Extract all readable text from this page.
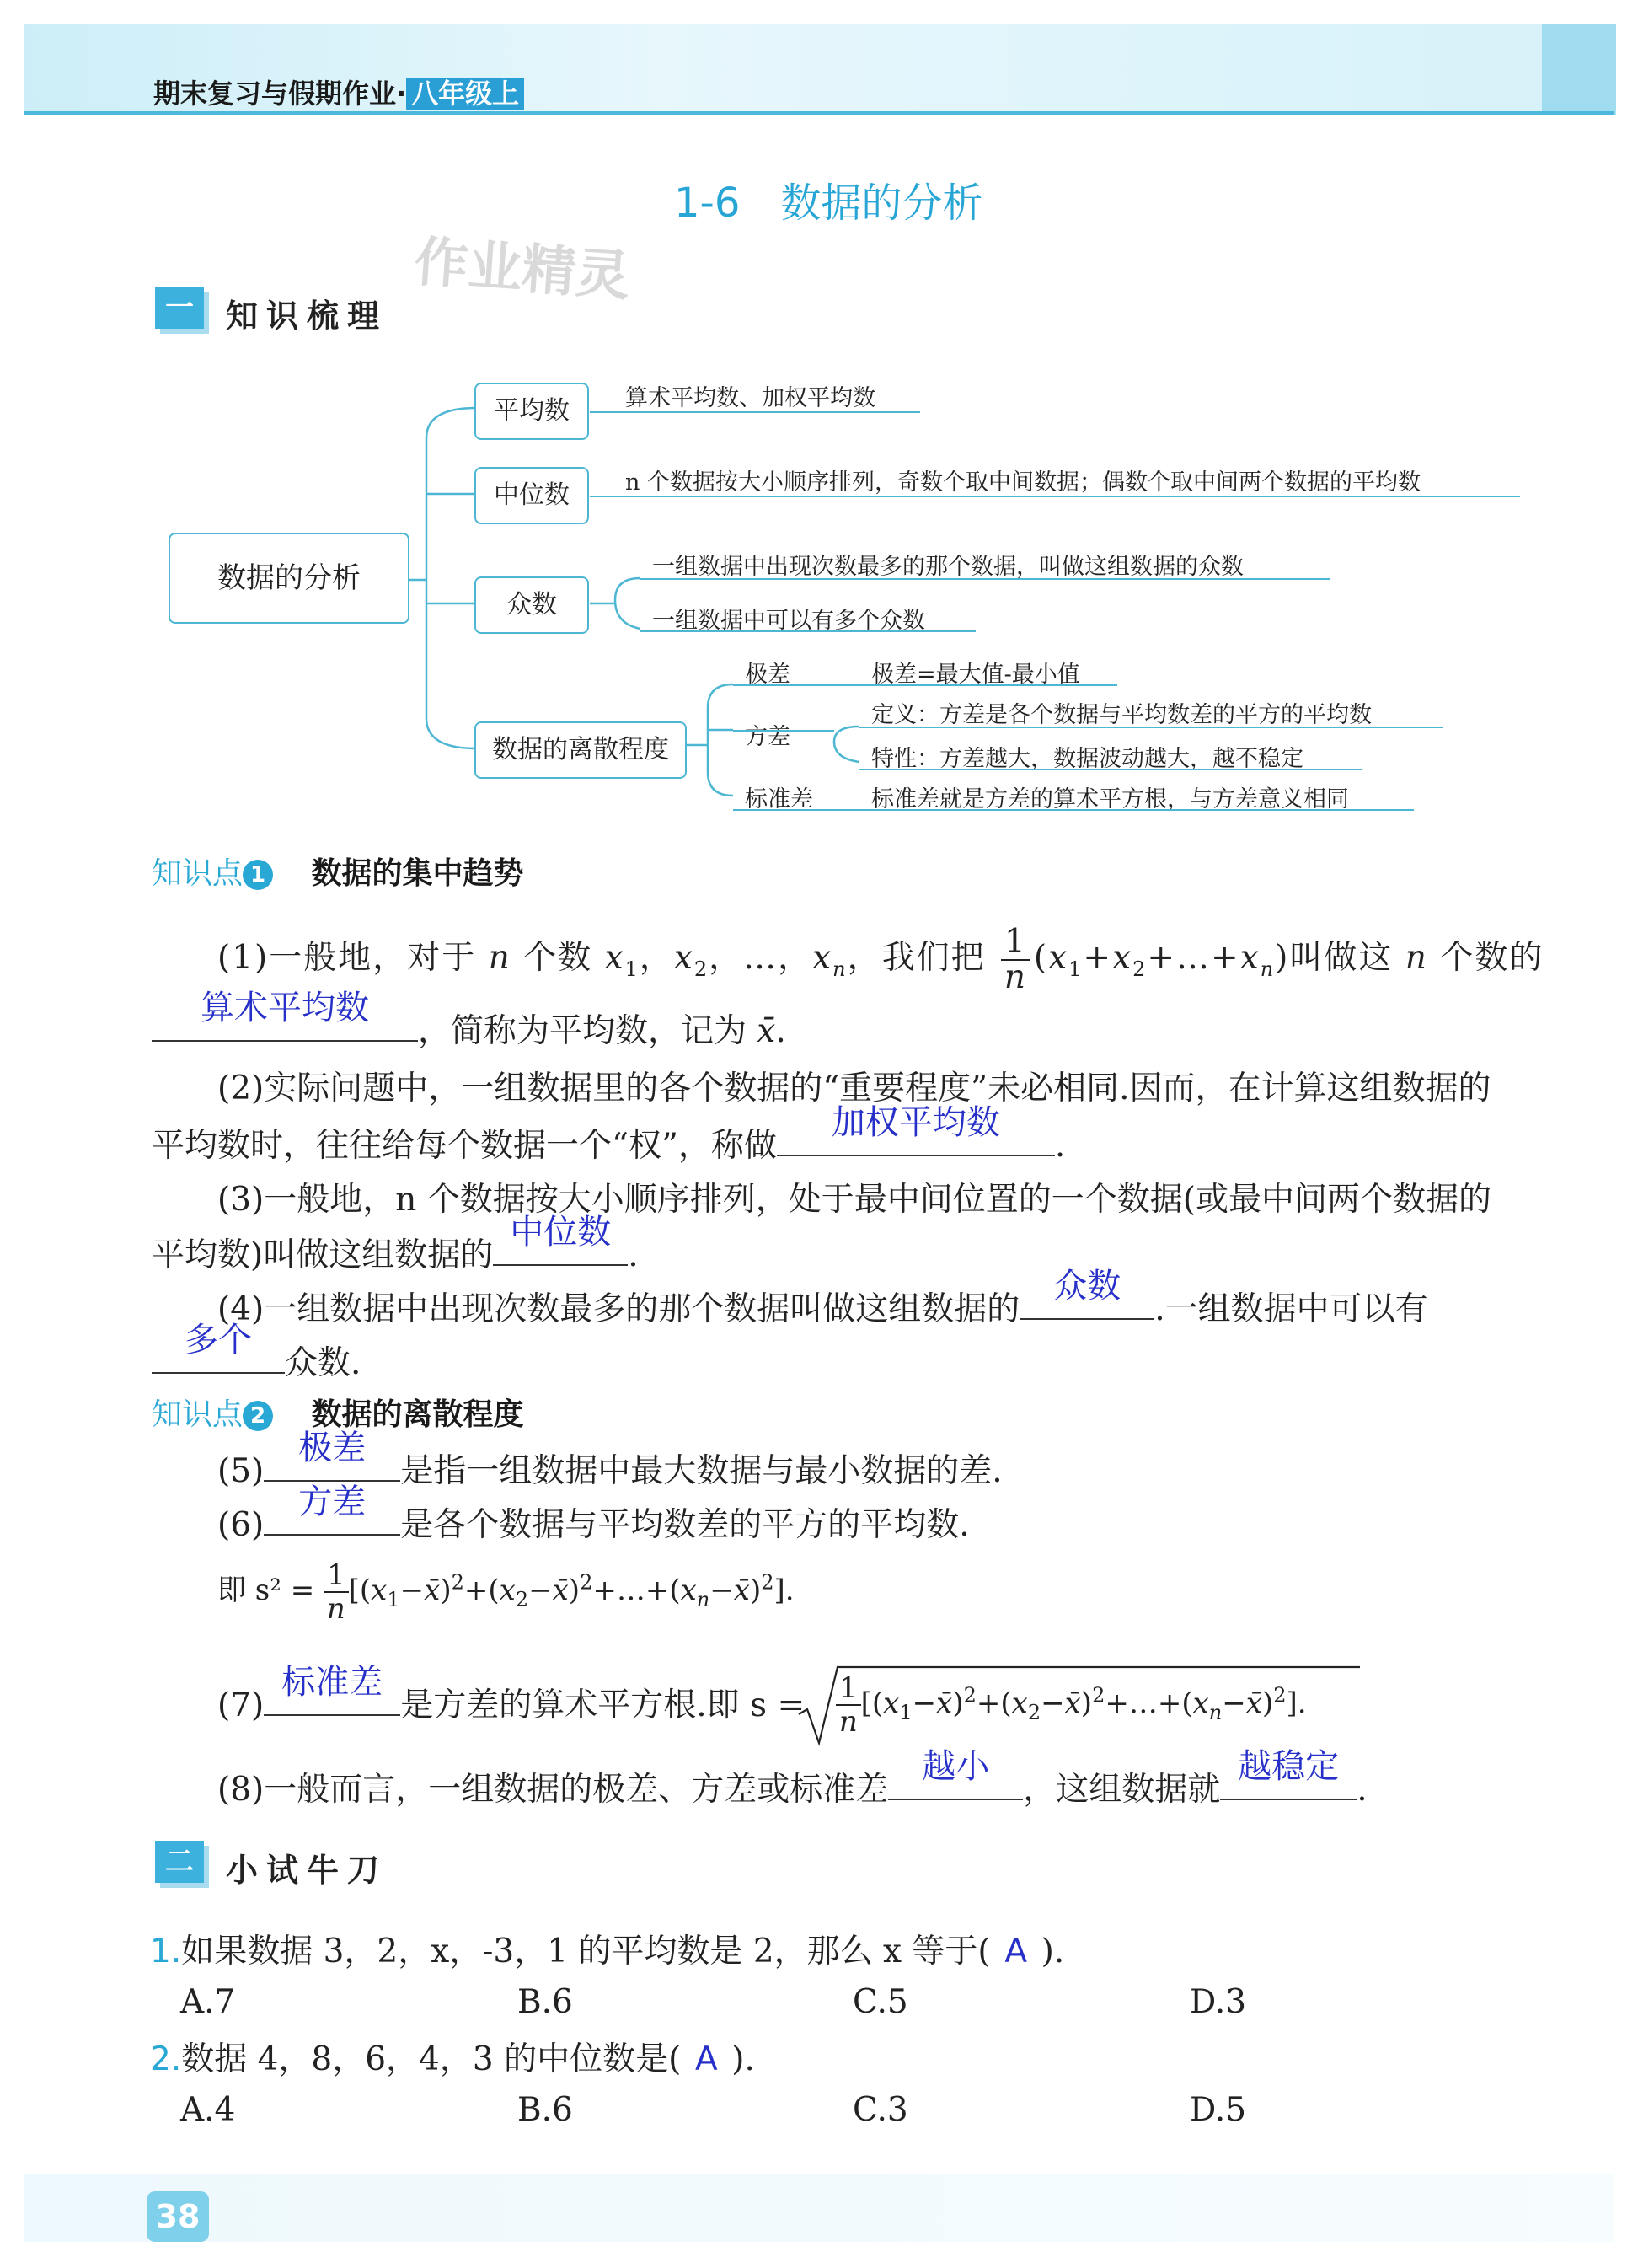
期末复习与假期作业· 八年级上
1-6　数据的分析
作业精灵
一	知识梳理
数据的分析
平均数
中位数
众数
数据的离散程度
算术平均数、加权平均数
n 个数据按大小顺序排列，奇数个取中间数据；偶数个取中间两个数据的平均数
一组数据中出现次数最多的那个数据，叫做这组数据的众数
一组数据中可以有多个众数
极差	极差=最大值-最小值
方差
定义：方差是各个数据与平均数差的平方的平均数
特性：方差越大，数据波动越大，越不稳定
标准差	标准差就是方差的算术平方根，与方差意义相同
知识点 1 数据的集中趋势
(1)一般地，对于 n 个数 $x_1$，$x_2$，…，$x_n$，我们把 $\frac{1}{n}$ $(x_1+x_2+\dots+x_n)$叫做这 n 个数的
算术平均数
，简称为平均数，记为 x̄.
(2)实际问题中，一组数据里的各个数据的“重要程度”未必相同.因而，在计算这组数据的
平均数时，往往给每个数据一个“权”，称做
加权平均数
.
(3)一般地，n 个数据按大小顺序排列，处于最中间位置的一个数据(或最中间两个数据的
平均数)叫做这组数据的
中位数
.
(4)一组数据中出现次数最多的那个数据叫做这组数据的
众数
.一组数据中可以有
多个
众数.
知识点 2 数据的离散程度
(5)
极差
是指一组数据中最大数据与最小数据的差.
(6)
方差
是各个数据与平均数差的平方的平均数.
即 $s^2 = \frac{1}{n}$ $[(x_1-x̄)^2+(x_2-x̄)^2+\dots+(x_n-x̄)^2]$.
(7)
标准差
是方差的算术平方根.即 $s = \frac{1}{n}$ $[(x_1-x̄)^2+(x_2-x̄)^2+\dots+(x_n-x̄)^2]$.
(8)一般而言，一组数据的极差、方差或标准差
越小
，这组数据就
越稳定
.
二	小试牛刀
1.如果数据 3，2，x，-3，1 的平均数是 2，那么 x 等于( A ).
A.7	B.6	C.5	D.3
2.数据 4，8，6，4，3 的中位数是( A ).
A.4	B.6	C.3	D.5
38
